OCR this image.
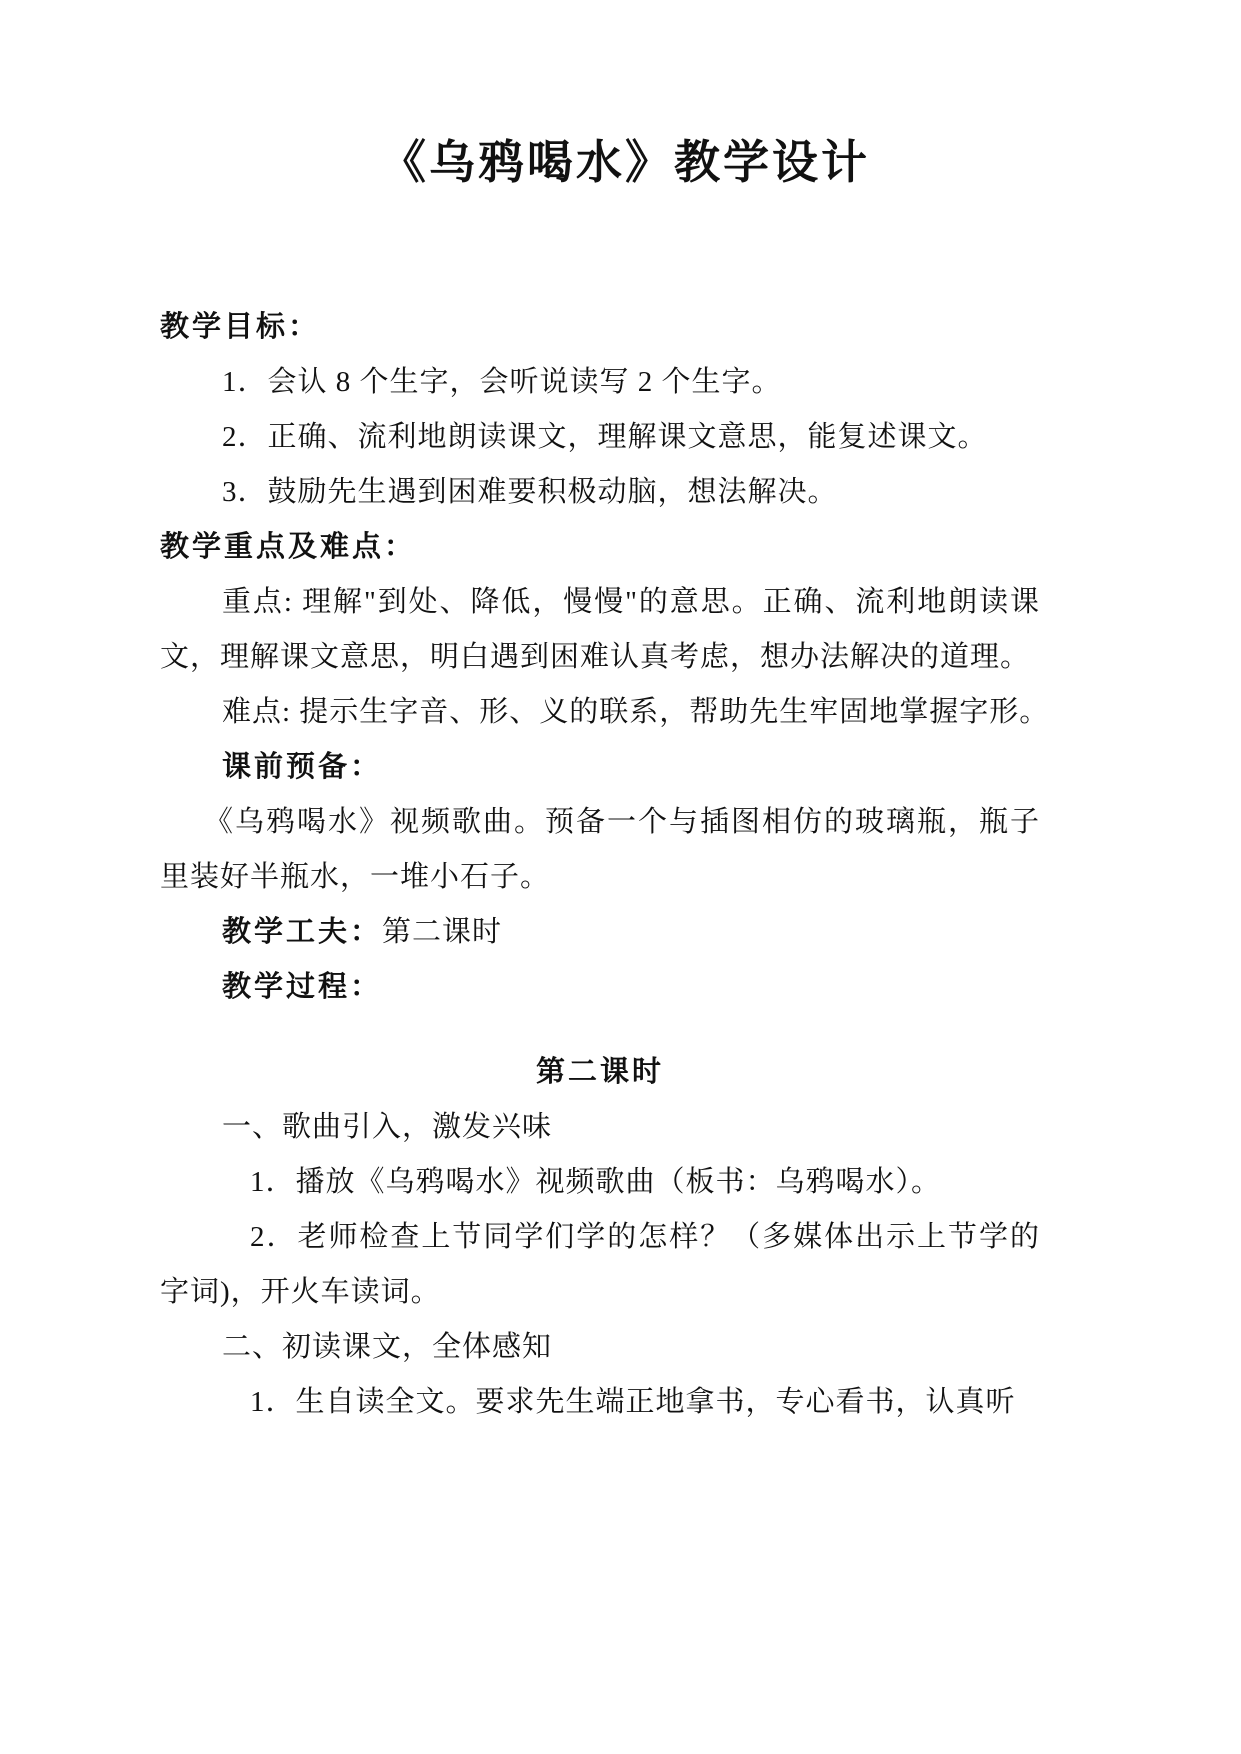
《乌鸦喝水》教学设计

教学目标：

1．会认 8 个生字，会听说读写 2 个生字。

2．正确、流利地朗读课文，理解课文意思，能复述课文。

3．鼓励先生遇到困难要积极动脑，想法解决。

教学重点及难点：

重点: 理解"到处、降低，慢慢"的意思。正确、流利地朗读课文，理解课文意思，明白遇到困难认真考虑，想办法解决的道理。

难点: 提示生字音、形、义的联系，帮助先生牢固地掌握字形。

课前预备：

《乌鸦喝水》视频歌曲。预备一个与插图相仿的玻璃瓶，瓶子里装好半瓶水，一堆小石子。

教学工夫：第二课时

教学过程：

第二课时

一、歌曲引入，激发兴味

1．播放《乌鸦喝水》视频歌曲（板书：乌鸦喝水）。

2．老师检查上节同学们学的怎样？（多媒体出示上节学的字词)，开火车读词。

二、初读课文，全体感知

1．生自读全文。要求先生端正地拿书，专心看书，认真听
